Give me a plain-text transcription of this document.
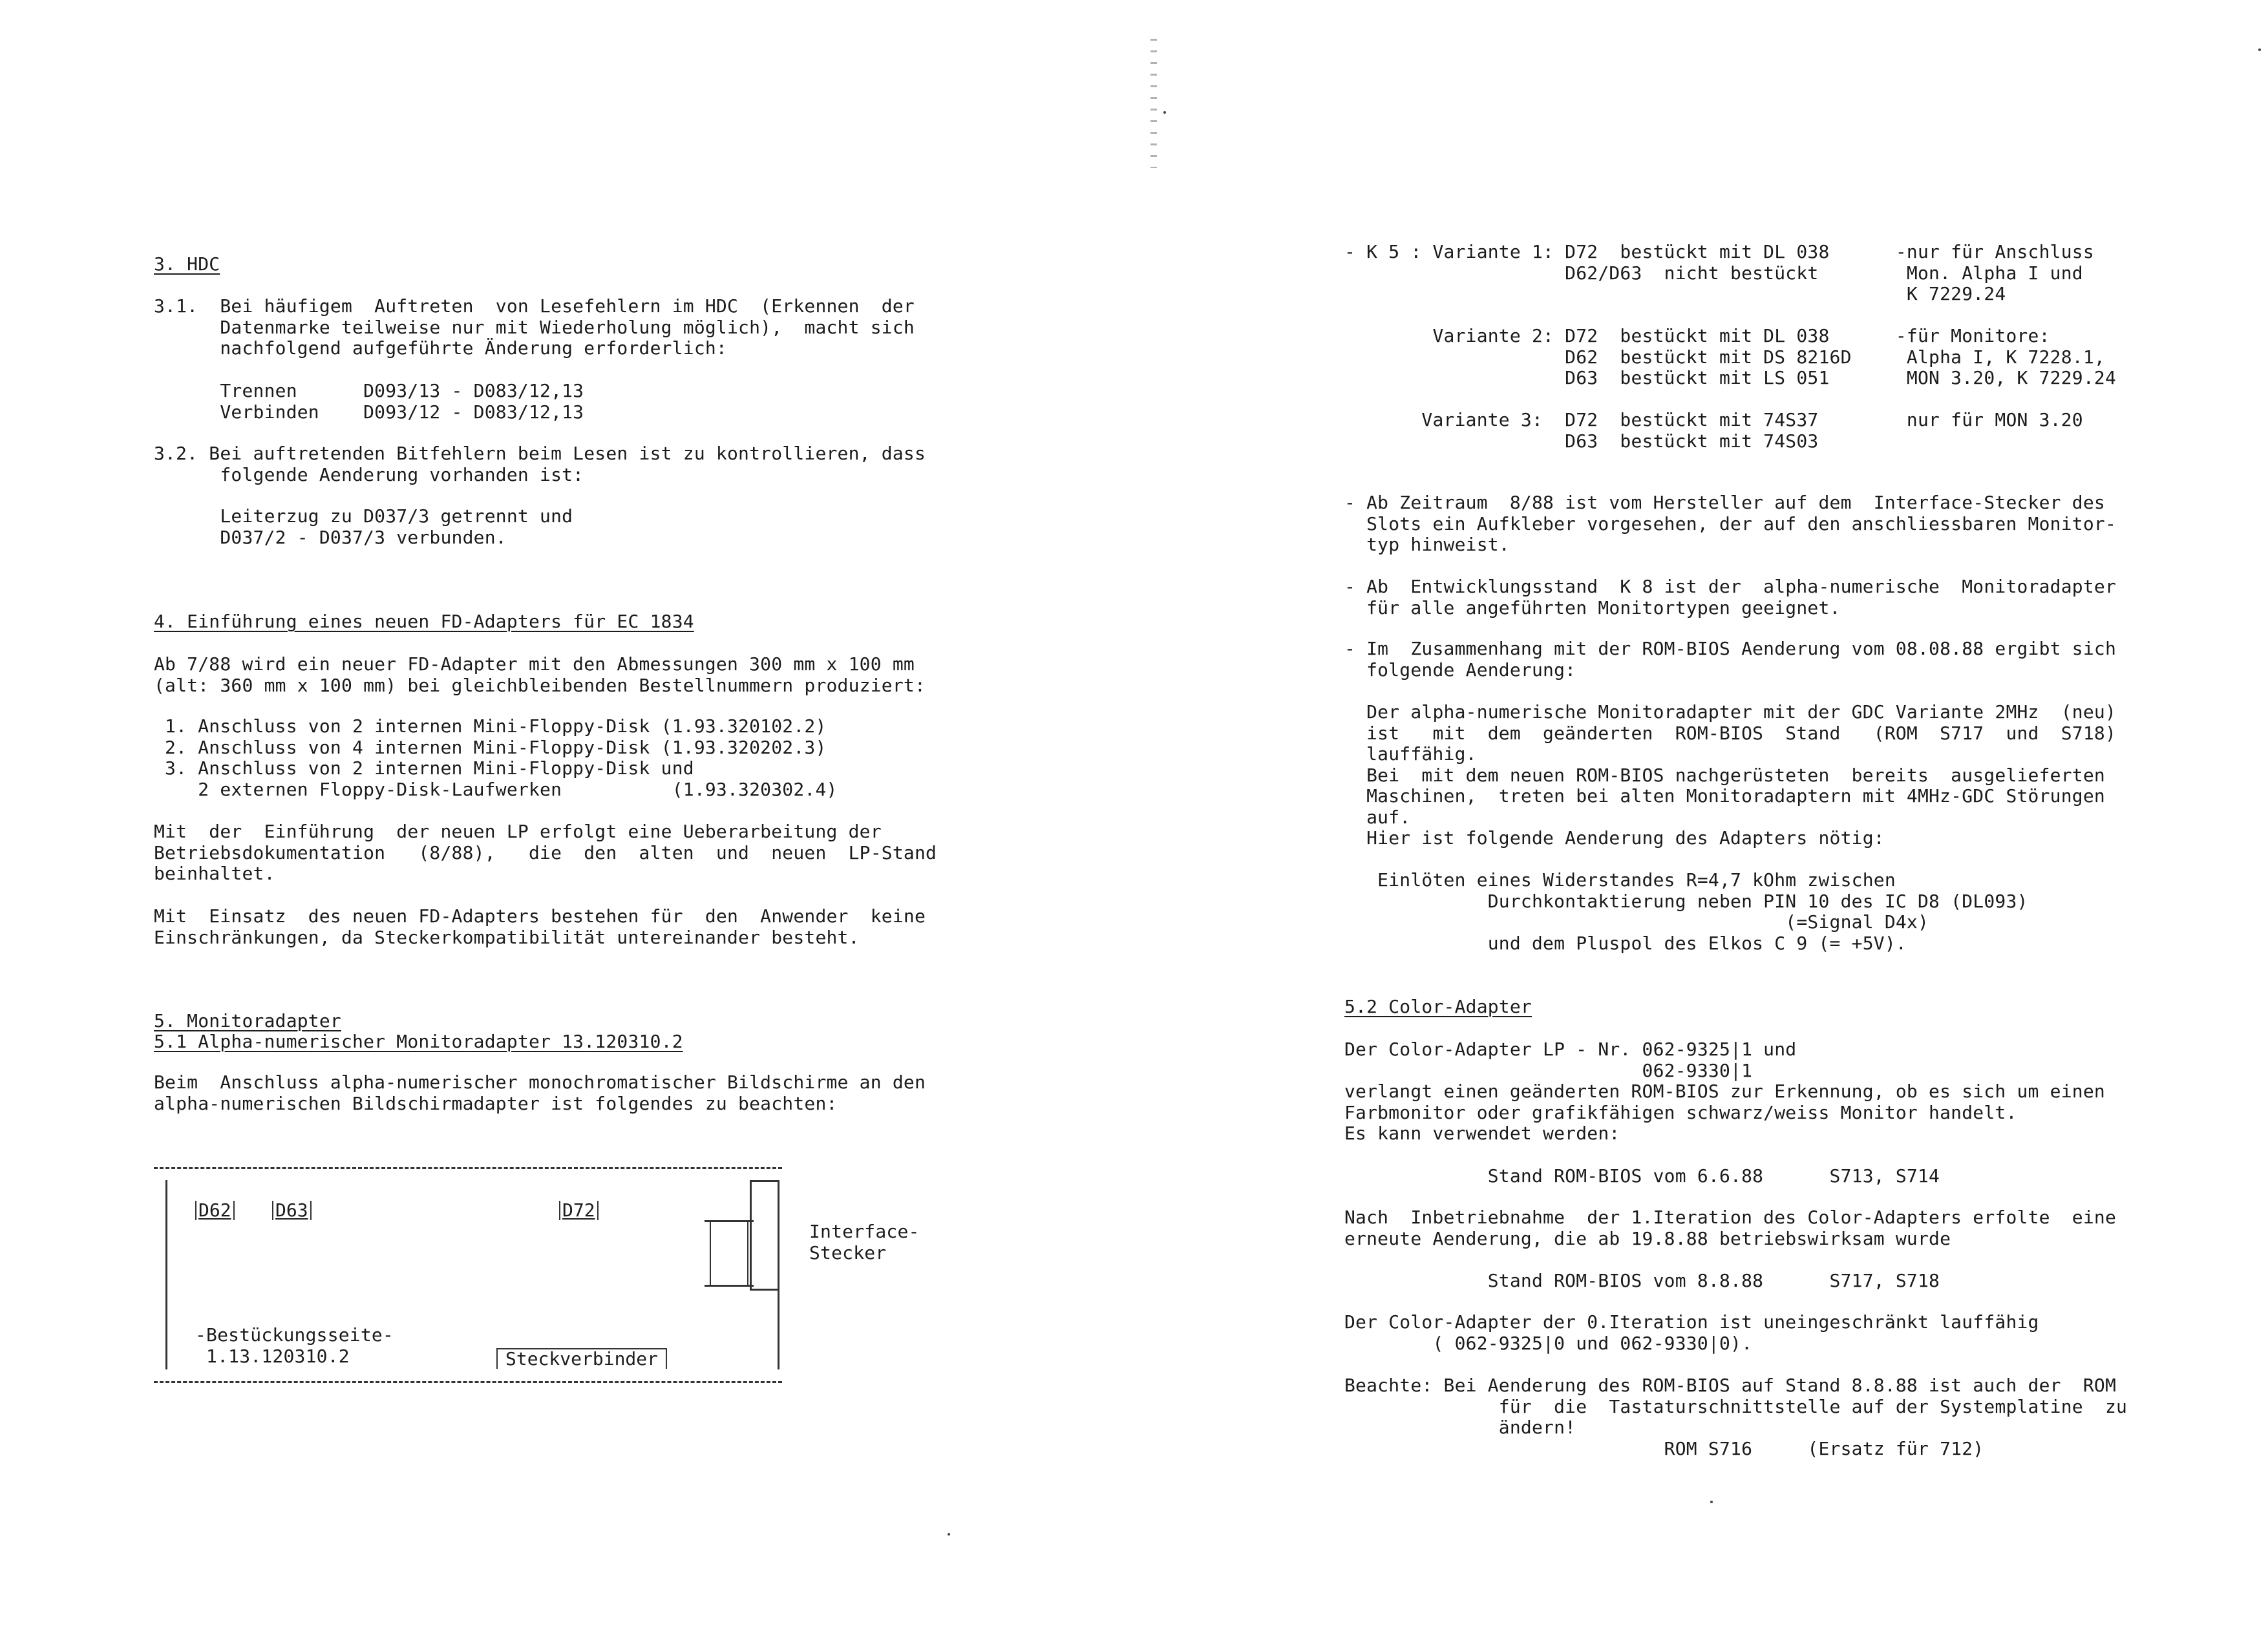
3. HDC
3.1.  Bei häufigem  Auftreten  von Lesefehlern im HDC  (Erkennen  der
Datenmarke teilweise nur mit Wiederholung möglich),  macht sich
nachfolgend aufgeführte Änderung erforderlich:
Trennen      D093/13 - D083/12,13
Verbinden    D093/12 - D083/12,13
3.2. Bei auftretenden Bitfehlern beim Lesen ist zu kontrollieren, dass
folgende Aenderung vorhanden ist:
Leiterzug zu D037/3 getrennt und
D037/2 - D037/3 verbunden.
4. Einführung eines neuen FD-Adapters für EC 1834
Ab 7/88 wird ein neuer FD-Adapter mit den Abmessungen 300 mm x 100 mm
(alt: 360 mm x 100 mm) bei gleichbleibenden Bestellnummern produziert:
1. Anschluss von 2 internen Mini-Floppy-Disk (1.93.320102.2)
2. Anschluss von 4 internen Mini-Floppy-Disk (1.93.320202.3)
3. Anschluss von 2 internen Mini-Floppy-Disk und
2 externen Floppy-Disk-Laufwerken          (1.93.320302.4)
Mit  der  Einführung  der neuen LP erfolgt eine Ueberarbeitung der
Betriebsdokumentation   (8/88),   die  den  alten  und  neuen  LP-Stand
beinhaltet.
Mit  Einsatz  des neuen FD-Adapters bestehen für  den  Anwender  keine
Einschränkungen, da Steckerkompatibilität untereinander besteht.
5. Monitoradapter
5.1 Alpha-numerischer Monitoradapter 13.120310.2
Beim  Anschluss alpha-numerischer monochromatischer Bildschirme an den
alpha-numerischen Bildschirmadapter ist folgendes zu beachten:
D62 D63	D72
Interface-
Stecker
-Bestückungsseite-
1.13.120310.2	Steckverbinder
- K 5 : Variante 1: D72  bestückt mit DL 038      -nur für Anschluss
D62/D63  nicht bestückt        Mon. Alpha I und
K 7229.24

Variante 2: D72  bestückt mit DL 038      -für Monitore:
D62  bestückt mit DS 8216D     Alpha I, K 7228.1,
D63  bestückt mit LS 051       MON 3.20, K 7229.24

Variante 3:  D72  bestückt mit 74S37        nur für MON 3.20
D63  bestückt mit 74S03
- Ab Zeitraum  8/88 ist vom Hersteller auf dem  Interface-Stecker des
Slots ein Aufkleber vorgesehen, der auf den anschliessbaren Monitor-
typ hinweist.
- Ab  Entwicklungsstand  K 8 ist der  alpha-numerische  Monitoradapter
für alle angeführten Monitortypen geeignet.
- Im  Zusammenhang mit der ROM-BIOS Aenderung vom 08.08.88 ergibt sich
folgende Aenderung:
Der alpha-numerische Monitoradapter mit der GDC Variante 2MHz  (neu)
ist   mit  dem  geänderten  ROM-BIOS  Stand   (ROM  S717  und  S718)
lauffähig.
Bei  mit dem neuen ROM-BIOS nachgerüsteten  bereits  ausgelieferten
Maschinen,  treten bei alten Monitoradaptern mit 4MHz-GDC Störungen
auf.
Hier ist folgende Aenderung des Adapters nötig:
Einlöten eines Widerstandes R=4,7 kOhm zwischen
Durchkontaktierung neben PIN 10 des IC D8 (DL093)
(=Signal D4x)
und dem Pluspol des Elkos C 9 (= +5V).
5.2 Color-Adapter
Der Color-Adapter LP - Nr. 062-9325|1 und
062-9330|1
verlangt einen geänderten ROM-BIOS zur Erkennung, ob es sich um einen
Farbmonitor oder grafikfähigen schwarz/weiss Monitor handelt.
Es kann verwendet werden:
Stand ROM-BIOS vom 6.6.88      S713, S714
Nach  Inbetriebnahme  der 1.Iteration des Color-Adapters erfolte  eine
erneute Aenderung, die ab 19.8.88 betriebswirksam wurde
Stand ROM-BIOS vom 8.8.88      S717, S718
Der Color-Adapter der 0.Iteration ist uneingeschränkt lauffähig
( 062-9325|0 und 062-9330|0).
Beachte: Bei Aenderung des ROM-BIOS auf Stand 8.8.88 ist auch der  ROM
für  die  Tastaturschnittstelle auf der Systemplatine  zu
ändern!
ROM S716     (Ersatz für 712)
